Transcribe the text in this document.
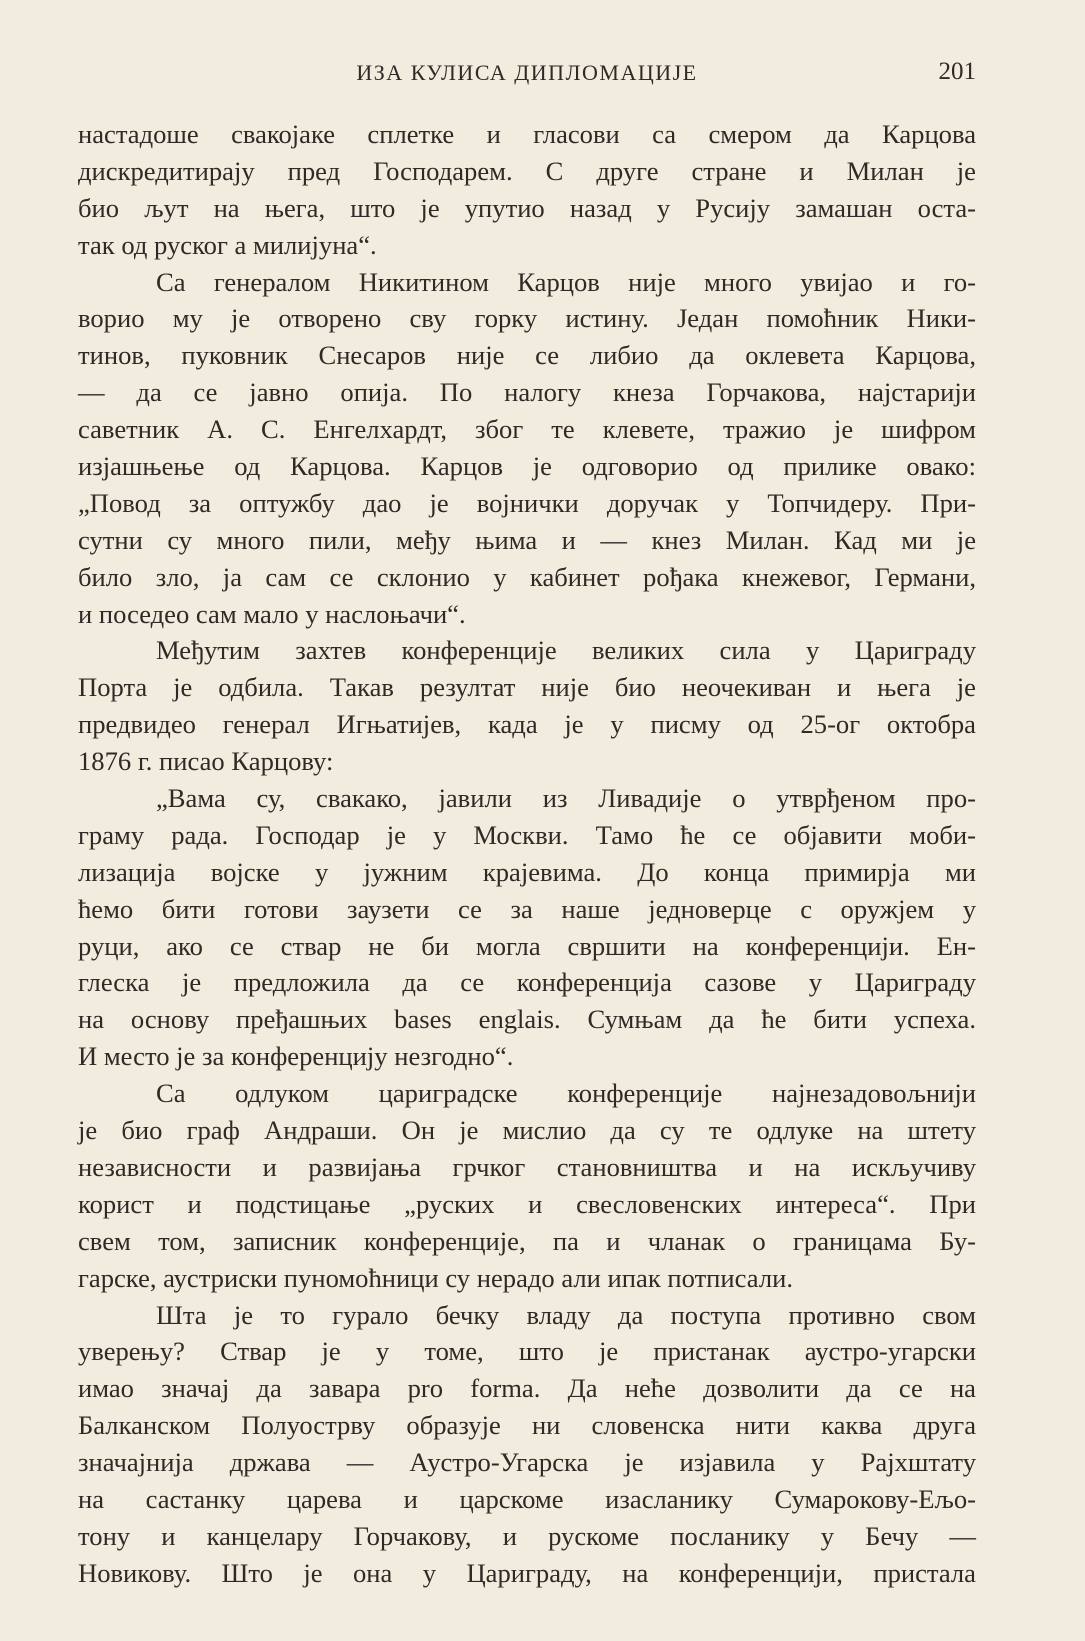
ИЗА КУЛИСА ДИПЛОМАЦИЈЕ	201
настадоше свакојаке сплетке и гласови са смером да Карцова
дискредитирају пред Господарем. С друге стране и Милан је
био љут на њега, што је упутио назад у Русију замашан оста-
так од руског а милијуна“.
Са генералом Никитином Карцов није много увијао и го-
ворио му је отворено сву горку истину. Један помоћник Ники-
тинов, пуковник Снесаров није се либио да оклевета Карцова,
— да се јавно опија. По налогу кнеза Горчакова, најстарији
саветник А. С. Енгелхардт, због те клевете, тражио је шифром
изјашњење од Карцова. Карцов је одговорио од прилике овако:
„Повод за оптужбу дао је војнички доручак у Топчидеру. При-
сутни су много пили, међу њима и — кнез Милан. Кад ми је
било зло, ја сам се склонио у кабинет рођака кнежевог, Германи,
и поседео сам мало у наслоњачи“.
Међутим захтев конференције великих сила у Цариграду
Порта је одбила. Такав резултат није био неочекиван и њега је
предвидео генерал Игњатијев, када је у писму од 25-ог октобра
1876 г. писао Карцову:
„Вама су, свакако, јавили из Ливадије о утврђеном про-
граму рада. Господар је у Москви. Тамо ће се објавити моби-
лизација војске у јужним крајевима. До конца примирја ми
ћемо бити готови заузети се за наше једноверце с оружјем у
руци, ако се ствар не би могла свршити на конференцији. Ен-
глеска је предложила да се конференција сазове у Цариграду
на основу пређашњих bases englais. Сумњам да ће бити успеха.
И место је за конференцију незгодно“.
Са одлуком цариградске конференције најнезадовољнији
је био граф Андраши. Он је мислио да су те одлуке на штету
независности и развијања грчког становништва и на искључиву
корист и подстицање „руских и свесловенских интереса“. При
свем том, записник конференције, па и чланак о границама Бу-
гарске, аустриски пуномоћници су нерадо али ипак потписали.
Шта је то гурало бечку владу да поступа противно свом
уверењу? Ствар је у томе, што је пристанак аустро-угарски
имао значај да завара pro forma. Да неће дозволити да се на
Балканском Полуострву образује ни словенска нити каква друга
значајнија држава — Аустро-Угарска је изјавила у Рајхштату
на састанку царева и царскоме изасланику Сумарокову-Ељо-
тону и канцелару Горчакову, и рускоме посланику у Бечу —
Новикову. Што је она у Цариграду, на конференцији, пристала
